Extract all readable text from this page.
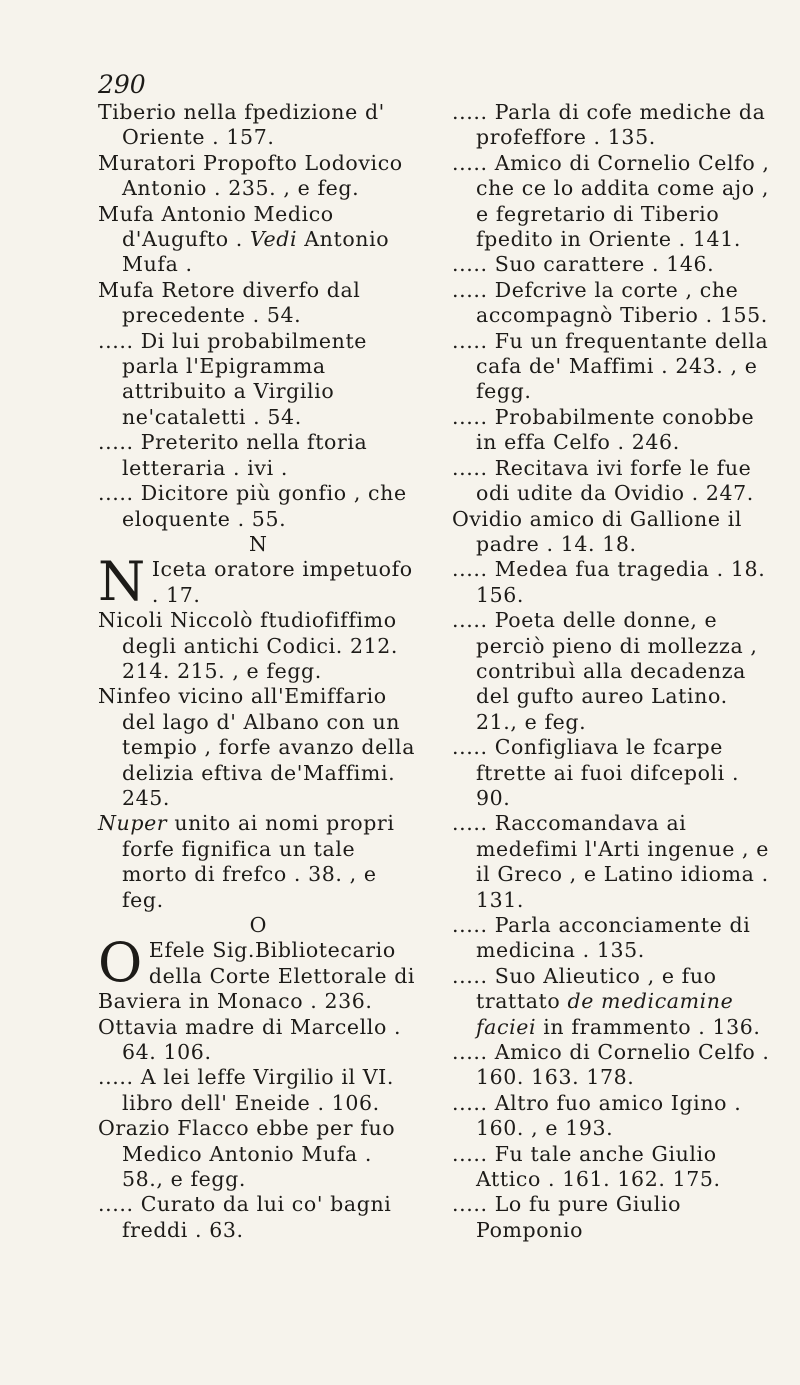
290

Tiberio nella fpedizione d' Oriente . 157.

Muratori Propofto Lodovico Antonio . 235. , e feg.

Mufa Antonio Medico d'Augufto . Vedi Antonio Mufa .

Mufa Retore diverfo dal precedente . 54.

..... Di lui probabilmente parla l'Epigramma attribuito a Virgilio ne'cataletti . 54.

..... Preterito nella ftoria letteraria . ivi .

..... Dicitore più gonfio , che eloquente . 55.

N

N Iceta oratore impetuofo . 17.

Nicoli Niccolò ftudiofiffimo degli antichi Codici. 212. 214. 215. , e fegg.

Ninfeo vicino all'Emiffario del lago d' Albano con un tempio , forfe avanzo della delizia eftiva de'Maffimi. 245.

Nuper unito ai nomi propri forfe fignifica un tale morto di frefco . 38. , e feg.

O

O Efele Sig.Bibliotecario della Corte Elettorale di Baviera in Monaco . 236.

Ottavia madre di Marcello . 64. 106.

..... A lei leffe Virgilio il VI. libro dell' Eneide . 106.

Orazio Flacco ebbe per fuo Medico Antonio Mufa . 58., e fegg.

..... Curato da lui co' bagni freddi . 63.

..... Parla di cofe mediche da profeffore . 135.

..... Amico di Cornelio Celfo , che ce lo addita come ajo , e fegretario di Tiberio fpedito in Oriente . 141.

..... Suo carattere . 146.

..... Defcrive la corte , che accompagnò Tiberio . 155.

..... Fu un frequentante della cafa de' Maffimi . 243. , e fegg.

..... Probabilmente conobbe in effa Celfo . 246.

..... Recitava ivi forfe le fue odi udite da Ovidio . 247.

Ovidio amico di Gallione il padre . 14. 18.

..... Medea fua tragedia . 18. 156.

..... Poeta delle donne, e perciò pieno di mollezza , contribuì alla decadenza del gufto aureo Latino. 21., e feg.

..... Configliava le fcarpe ftrette ai fuoi difcepoli . 90.

..... Raccomandava ai medefimi l'Arti ingenue , e il Greco , e Latino idioma . 131.

..... Parla acconciamente di medicina . 135.

..... Suo Alieutico , e fuo trattato de medicamine faciei in frammento . 136.

..... Amico di Cornelio Celfo . 160. 163. 178.

..... Altro fuo amico Igino . 160. , e 193.

..... Fu tale anche Giulio Attico . 161. 162. 175.

..... Lo fu pure Giulio Pomponio
